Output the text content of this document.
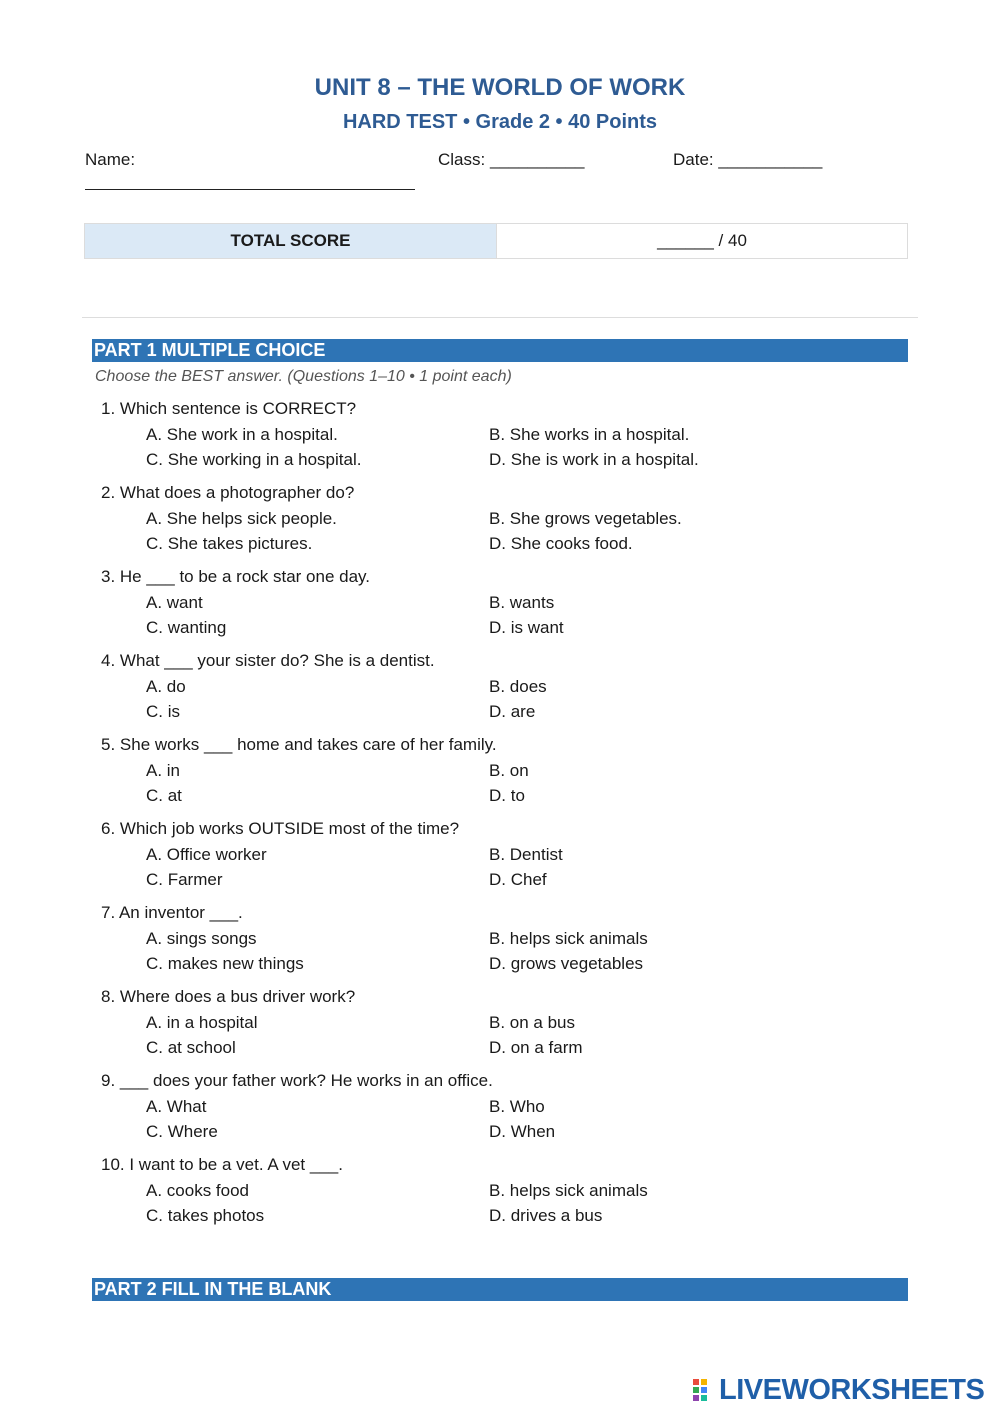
UNIT 8 – THE WORLD OF WORK
HARD TEST • Grade 2 • 40 Points
Name:	Class: __________	Date: ___________
TOTAL SCORE	______ / 40
PART 1 MULTIPLE CHOICE
Choose the BEST answer. (Questions 1–10 • 1 point each)
1. Which sentence is CORRECT?
A. She work in a hospital.	B. She works in a hospital.
C. She working in a hospital.	D. She is work in a hospital.
2. What does a photographer do?
A. She helps sick people.	B. She grows vegetables.
C. She takes pictures.	D. She cooks food.
3. He ___ to be a rock star one day.
A. want	B. wants
C. wanting	D. is want
4. What ___ your sister do? She is a dentist.
A. do	B. does
C. is	D. are
5. She works ___ home and takes care of her family.
A. in	B. on
C. at	D. to
6. Which job works OUTSIDE most of the time?
A. Office worker	B. Dentist
C. Farmer	D. Chef
7. An inventor ___.
A. sings songs	B. helps sick animals
C. makes new things	D. grows vegetables
8. Where does a bus driver work?
A. in a hospital	B. on a bus
C. at school	D. on a farm
9. ___ does your father work? He works in an office.
A. What	B. Who
C. Where	D. When
10. I want to be a vet. A vet ___.
A. cooks food	B. helps sick animals
C. takes photos	D. drives a bus
PART 2 FILL IN THE BLANK
LIVEWORKSHEETS
